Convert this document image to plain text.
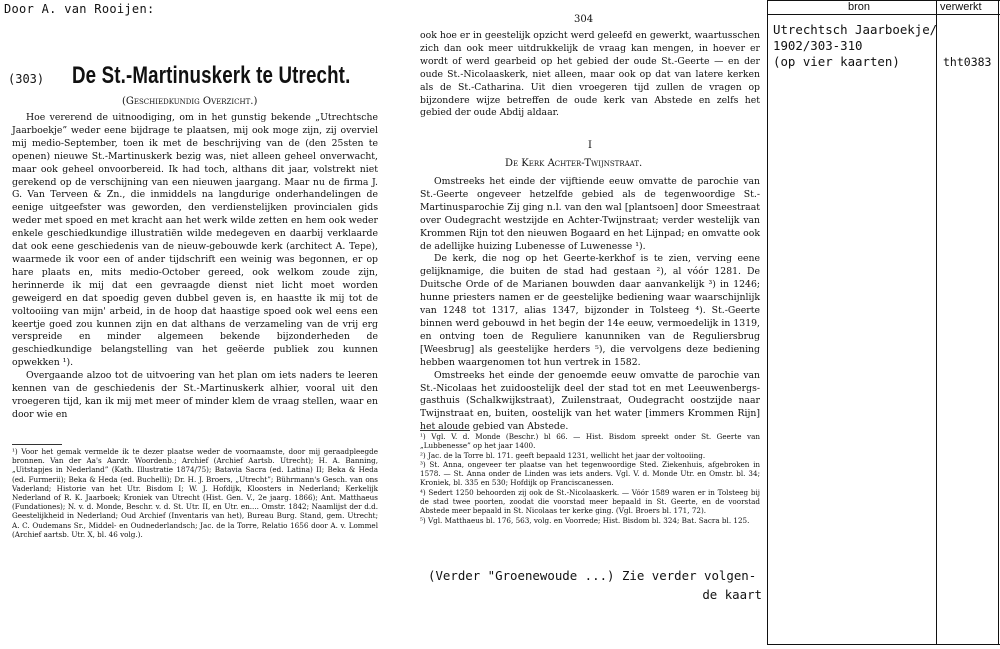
Door A. van Rooijen:
(303) De St.-Martinuskerk te Utrecht.
(Geschiedkundig Overzicht.)

Hoe vererend de uitnoodiging, om in het gunstig bekende „Utrechtsche Jaarboekje” weder eene bijdrage te plaatsen, mij ook moge zijn, zij overviel mij medio-September, toen ik met de beschrijving van de (den 25sten te openen) nieuwe St.-Martinuskerk bezig was, niet alleen geheel onverwacht, maar ook geheel onvoorbereid. Ik had toch, althans dit jaar, volstrekt niet gerekend op de verschijning van een nieuwen jaargang. Maar nu de firma J. G. Van Terveen & Zn., die inmiddels na langdurige onderhandelingen de eenige uitgeefster was geworden, den verdienstelijken provincialen gids weder met spoed en met kracht aan het werk wilde zetten en hem ook weder enkele geschiedkundige illustratiën wilde medegeven en daarbij verklaarde dat ook eene geschiedenis van de nieuw-gebouwde kerk (architect A. Tepe), waarmede ik voor een of ander tijdschrift een weinig was begonnen, er op hare plaats en, mits medio-October gereed, ook welkom zoude zijn, herinnerde ik mij dat een gevraagde dienst niet licht moet worden geweigerd en dat spoedig geven dubbel geven is, en haastte ik mij tot de voltooiing van mijn' arbeid, in de hoop dat haastige spoed ook wel eens een keertje goed zou kunnen zijn en dat althans de verzameling van de vrij erg verspreide en minder algemeen bekende bijzonderheden de geschiedkundige belangstelling van het geëerde publiek zou kunnen opwekken ¹).

Overgaande alzoo tot de uitvoering van het plan om iets naders te leeren kennen van de geschiedenis der St.-Martinuskerk alhier, vooral uit den vroegeren tijd, kan ik mij met meer of minder klem de vraag stellen, waar en door wie en

¹) Voor het gemak vermelde ik te dezer plaatse weder de voornaamste, door mij geraadpleegde bronnen. Van der Aa's Aardr. Woordenb.; Archief (Archief Aartsb. Utrecht); H. A. Banning, „Uitstapjes in Nederland” (Kath. Illustratie 1874/75); Batavia Sacra (ed. Latina) II; Beka & Heda (ed. Furmerii); Beka & Heda (ed. Buchelli); Dr. H. J. Broers, „Utrecht”; Bührmann's Gesch. van ons Vaderland; Historie van het Utr. Bisdom I; W. J. Hofdijk, Kloosters in Nederland; Kerkelijk Nederland of R. K. Jaarboek; Kroniek van Utrecht (Hist. Gen. V., 2e jaarg. 1866); Ant. Matthaeus (Fundationes); N. v. d. Monde, Beschr. v. d. St. Utr. II, en Utr. en.... Omstr. 1842; Naamlijst der d.d. Geestelijkheid in Nederland; Oud Archief (Inventaris van het), Bureau Burg. Stand, gem. Utrecht; A. C. Oudemans Sr., Middel- en Oudnederlandsch; Jac. de la Torre, Relatio 1656 door A. v. Lommel (Archief aartsb. Utr. X, bl. 46 volg.).
304

ook hoe er in geestelijk opzicht werd geleefd en gewerkt, waartusschen zich dan ook meer uitdrukkelijk de vraag kan mengen, in hoever er wordt of werd gearbeid op het gebied der oude St.-Geerte — en der oude St.-Nicolaaskerk, niet alleen, maar ook op dat van latere kerken als de St.-Catharina. Uit dien vroegeren tijd zullen de vragen op bijzondere wijze betreffen de oude kerk van Abstede en zelfs het gebied der oude Abdij aldaar.

I
De Kerk Achter-Twijnstraat.

Omstreeks het einde der vijftiende eeuw omvatte de parochie van St.-Geerte ongeveer hetzelfde gebied als de tegenwoordige St.-Martinusparochie Zij ging n.l. van den wal [plantsoen] door Smeestraat over Oudegracht westzijde en Achter-Twijnstraat; verder westelijk van Krommen Rijn tot den nieuwen Bogaard en het Lijnpad; en omvatte ook de adellijke huizing Lubenesse of Luwenesse ¹).

De kerk, die nog op het Geerte-kerkhof is te zien, verving eene gelijknamige, die buiten de stad had gestaan ²), al vóór 1281. De Duitsche Orde of de Marianen bouwden daar aanvankelijk ³) in 1246; hunne priesters namen er de geestelijke bediening waar waarschijnlijk van 1248 tot 1317, alias 1347, bijzonder in Tolsteeg ⁴). St.-Geerte binnen werd gebouwd in het begin der 14e eeuw, vermoedelijk in 1319, en ontving toen de Reguliere kanunniken van de Reguliersbrug [Weesbrug] als geestelijke herders ⁵), die vervolgens deze bediening hebben waargenomen tot hun vertrek in 1582.

Omstreeks het einde der genoemde eeuw omvatte de parochie van St.-Nicolaas het zuidoostelijk deel der stad tot en met Leeuwenbergs-gasthuis (Schalkwijkstraat), Zuilenstraat, Oudegracht oostzijde naar Twijnstraat en, buiten, oostelijk van het water [immers Krommen Rijn] het aloude gebied van Abstede.

¹) Vgl. V. d. Monde (Beschr.) bl 66. — Hist. Bisdom spreekt onder St. Geerte van „Lubbenesse” op het jaar 1400.
²) Jac. de la Torre bl. 171. geeft bepaald 1231, wellicht het jaar der voltooiing.
³) St. Anna, ongeveer ter plaatse van het tegenwoordige Sted. Ziekenhuis, afgebroken in 1578. — St. Anna onder de Linden was iets anders. Vgl. V. d. Monde Utr. en Omstr. bl. 34; Kroniek, bl. 335 en 530; Hofdijk op Franciscanessen.
⁴) Sedert 1250 behoorden zij ook de St.-Nicolaaskerk. — Vóór 1589 waren er in Tolsteeg bij de stad twee poorten, zoodat die voorstad meer bepaald in St. Geerte, en de voorstad Abstede meer bepaald in St. Nicolaas ter kerke ging. (Vgl. Broers bl. 171, 72).
⁵) Vgl. Matthaeus bl. 176, 563, volg. en Voorrede; Hist. Bisdom bl. 324; Bat. Sacra bl. 125.
(Verder "Groenewoude ...) Zie verder volgen-
de kaart
bron	verwerkt
Utrechtsch Jaarboekje/
1902/303-310
(op vier kaarten)	tht0383
